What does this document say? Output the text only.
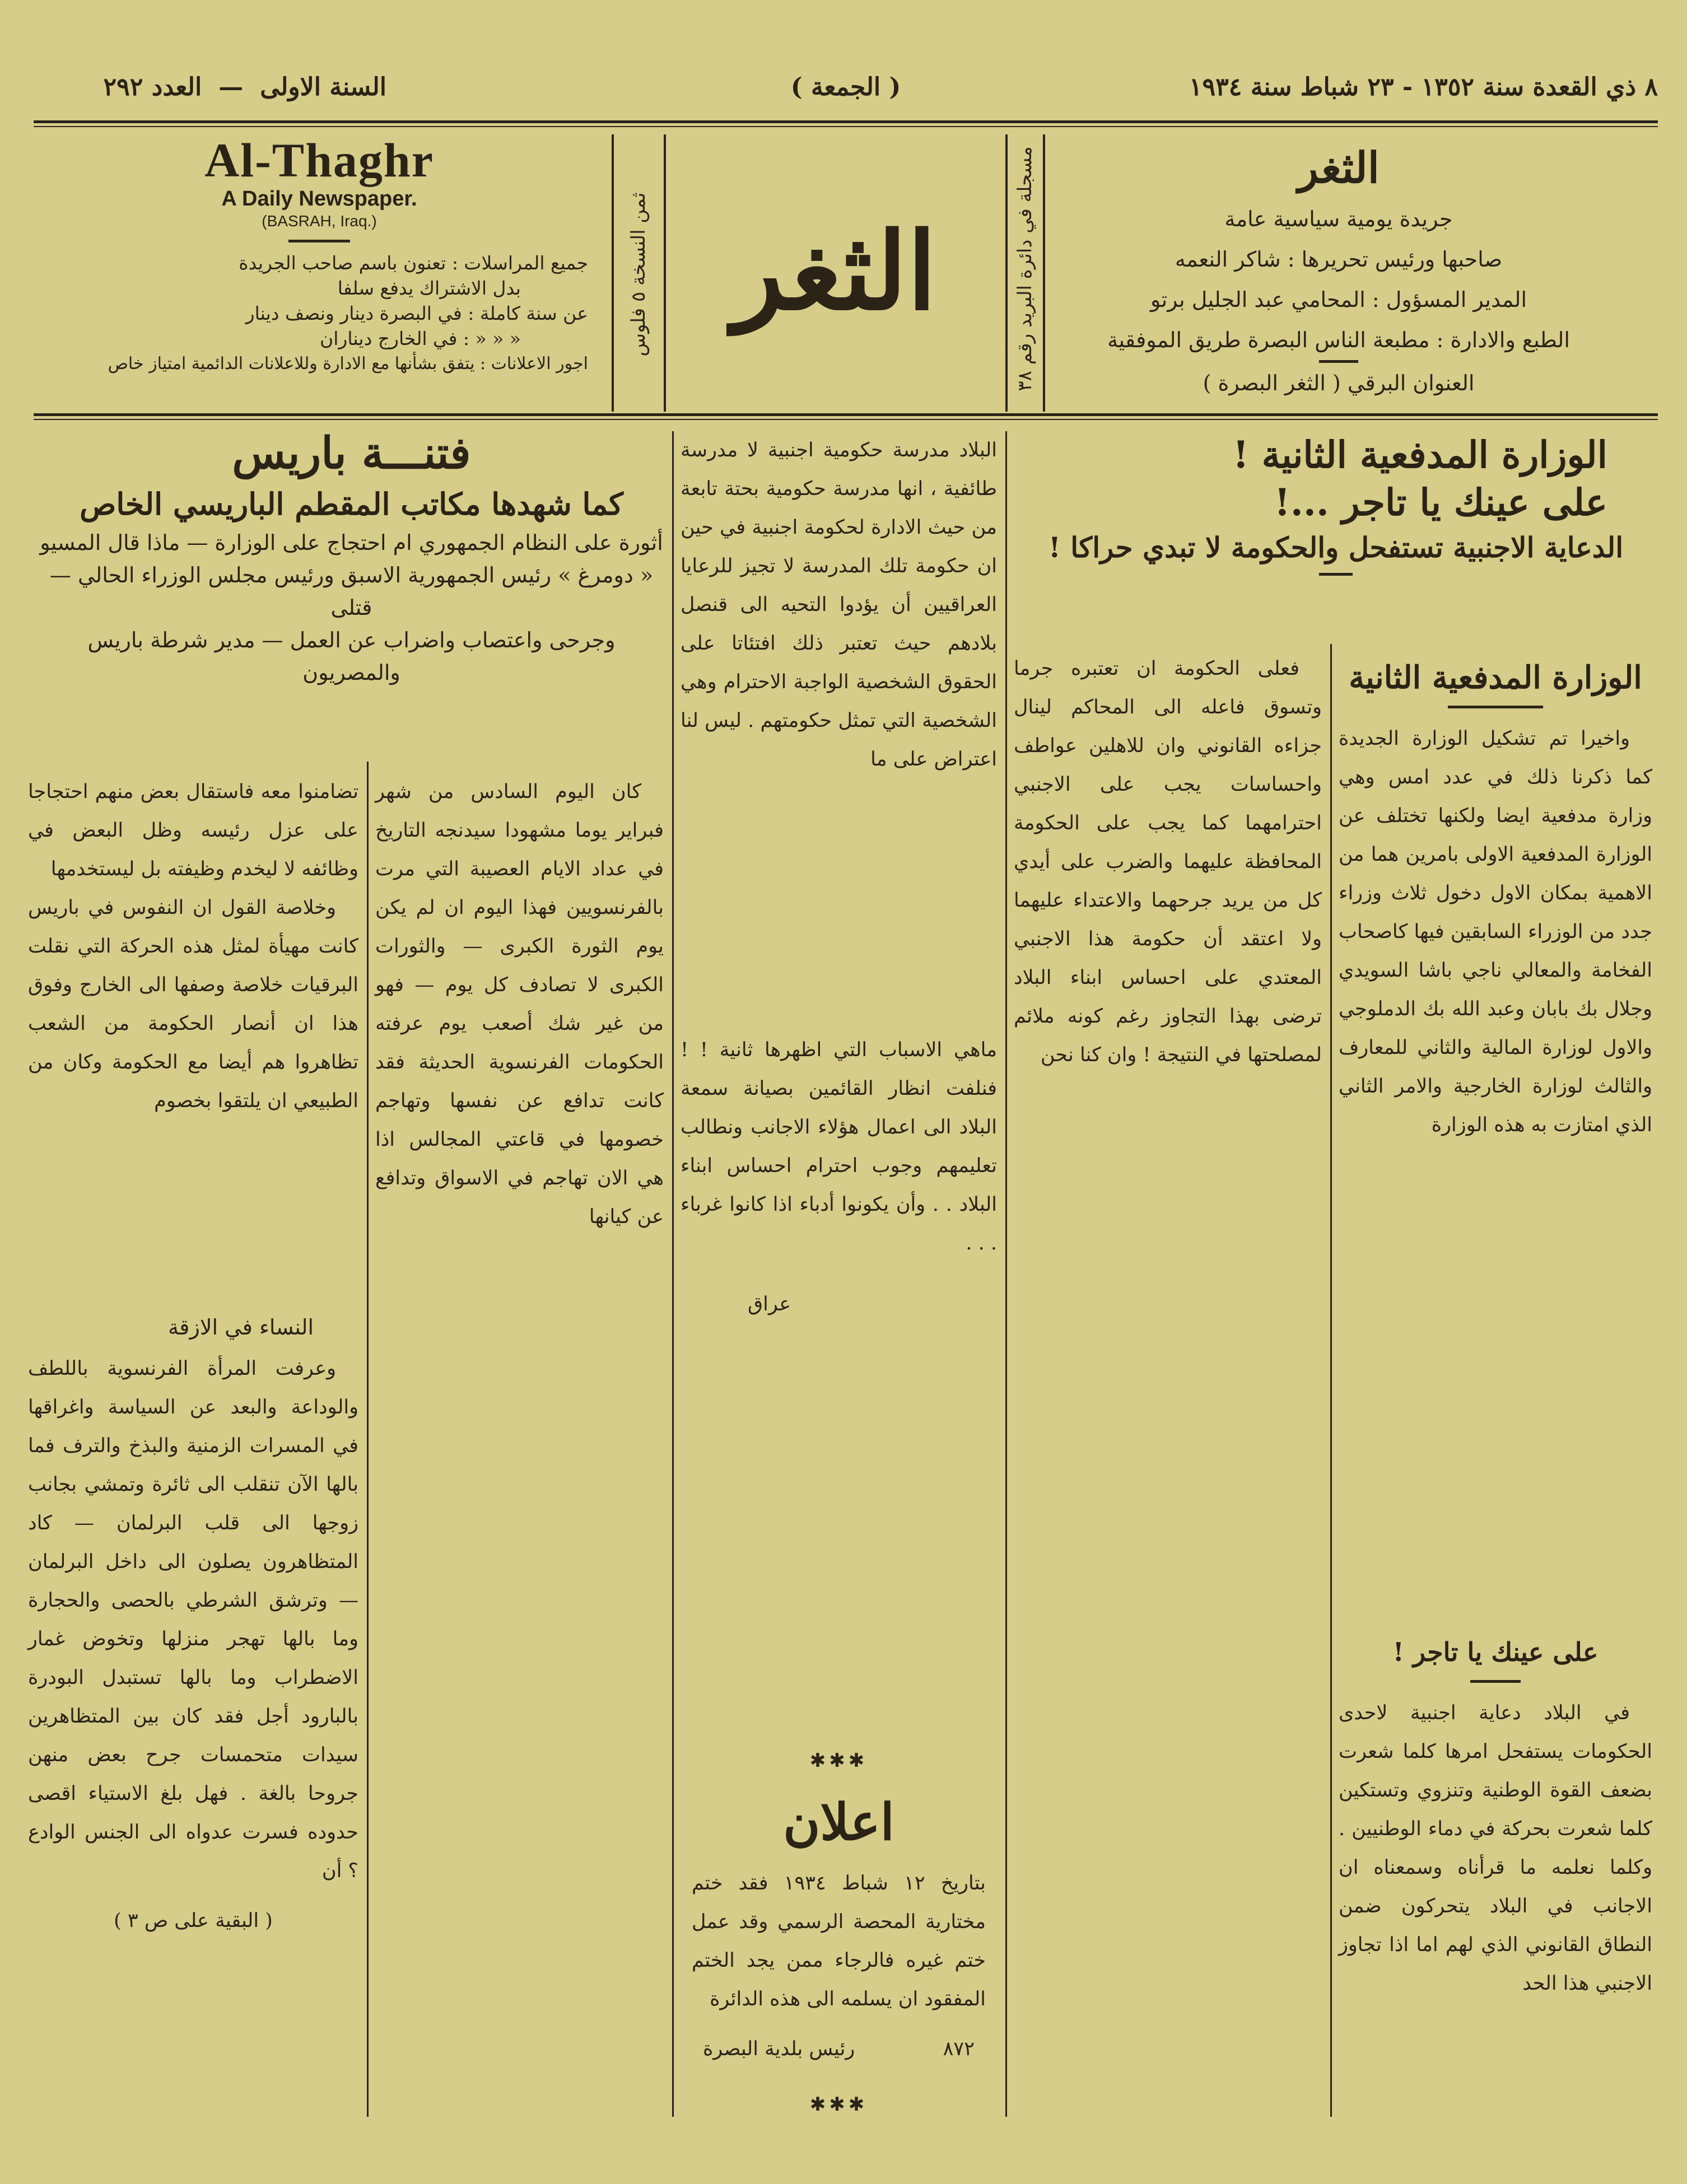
٨ ذي القعدة سنة ١٣٥٢ - ٢٣ شباط سنة ١٩٣٤
( الجمعة )
السنة الاولى
—
العدد ٢٩٢
الثغر
جريدة يومية سياسية عامة
صاحبها ورئيس تحريرها : شاكر النعمه
المدير المسؤول : المحامي عبد الجليل برتو
الطبع والادارة : مطبعة الناس البصرة طريق الموفقية
العنوان البرقي ( الثغر البصرة )
مسجلة في دائرة البريد رقم ٣٨
الثغر
ثمن النسخة ٥ فلوس
Al-Thaghr
A Daily Newspaper.
(BASRAH, Iraq.)
جميع المراسلات : تعنون باسم صاحب الجريدة
بدل الاشتراك يدفع سلفا
عن سنة كاملة : في البصرة دينار ونصف دينار
« « « : في الخارج ديناران
اجور الاعلانات : يتفق بشأنها مع الادارة وللاعلانات الدائمية امتياز خاص
الوزارة المدفعية الثانية !
على عينك يا تاجر ...!
الدعاية الاجنبية تستفحل والحكومة لا تبدي حراكا !
الوزارة المدفعية الثانية

واخيرا تم تشكيل الوزارة الجديدة كما ذكرنا ذلك في عدد امس وهي وزارة مدفعية ايضا ولكنها تختلف عن الوزارة المدفعية الاولى بامرين هما من الاهمية بمكان الاول دخول ثلاث وزراء جدد من الوزراء السابقين فيها كاصحاب الفخامة والمعالي ناجي باشا السويدي وجلال بك بابان وعبد الله بك الدملوجي والاول لوزارة المالية والثاني للمعارف والثالث لوزارة الخارجية والامر الثاني الذي امتازت به هذه الوزارة

على عينك يا تاجر !

في البلاد دعاية اجنبية لاحدى الحكومات يستفحل امرها كلما شعرت بضعف القوة الوطنية وتنزوي وتستكين كلما شعرت بحركة في دماء الوطنيين . وكلما نعلمه ما قرأناه وسمعناه ان الاجانب في البلاد يتحركون ضمن النطاق القانوني الذي لهم اما اذا تجاوز الاجنبي هذا الحد

فعلى الحكومة ان تعتبره جرما وتسوق فاعله الى المحاكم لينال جزاءه القانوني وان للاهلين عواطف واحساسات يجب على الاجنبي احترامهما كما يجب على الحكومة المحافظة عليهما والضرب على أيدي كل من يريد جرحهما والاعتداء عليهما ولا اعتقد أن حكومة هذا الاجنبي المعتدي على احساس ابناء البلاد ترضى بهذا التجاوز رغم كونه ملائم لمصلحتها في النتيجة ! وان كنا نحن

البلاد مدرسة حكومية اجنبية لا مدرسة طائفية ، انها مدرسة حكومية بحتة تابعة من حيث الادارة لحكومة اجنبية في حين ان حكومة تلك المدرسة لا تجيز للرعايا العراقيين أن يؤدوا التحيه الى قنصل بلادهم حيث تعتبر ذلك افتئاتا على الحقوق الشخصية الواجبة الاحترام وهي الشخصية التي تمثل حكومتهم . ليس لنا اعتراض على ما

ماهي الاسباب التي اظهرها ثانية ! ! فنلفت انظار القائمين بصيانة سمعة البلاد الى اعمال هؤلاء الاجانب ونطالب تعليمهم وجوب احترام احساس ابناء البلاد . . وأن يكونوا أدباء اذا كانوا غرباء . . .

عراق
✱✱✱
اعلان

بتاريخ ١٢ شباط ١٩٣٤ فقد ختم مختارية المحصة الرسمي وقد عمل ختم غيره فالرجاء ممن يجد الختم المفقود ان يسلمه الى هذه الدائرة

٨٧٢
رئيس بلدية البصرة
✱✱✱
فتنـــة باريس
كما شهدها مكاتب المقطم الباريسي الخاص
أثورة على النظام الجمهوري ام احتجاج على الوزارة — ماذا قال المسيو
« دومرغ » رئيس الجمهورية الاسبق ورئيس مجلس الوزراء الحالي — قتلى
وجرحى واعتصاب واضراب عن العمل — مدير شرطة باريس والمصريون

كان اليوم السادس من شهر فبراير يوما مشهودا سيدنجه التاريخ في عداد الايام العصيبة التي مرت بالفرنسويين فهذا اليوم ان لم يكن يوم الثورة الكبرى — والثورات الكبرى لا تصادف كل يوم — فهو من غير شك أصعب يوم عرفته الحكومات الفرنسوية الحديثة فقد كانت تدافع عن نفسها وتهاجم خصومها في قاعتي المجالس اذا هي الان تهاجم في الاسواق وتدافع عن كيانها

تضامنوا معه فاستقال بعض منهم احتجاجا على عزل رئيسه وظل البعض في وظائفه لا ليخدم وظيفته بل ليستخدمها

وخلاصة القول ان النفوس في باريس كانت مهيأة لمثل هذه الحركة التي نقلت البرقيات خلاصة وصفها الى الخارج وفوق هذا ان أنصار الحكومة من الشعب تظاهروا هم أيضا مع الحكومة وكان من الطبيعي ان يلتقوا بخصوم

النساء في الازقة

وعرفت المرأة الفرنسوية باللطف والوداعة والبعد عن السياسة واغراقها في المسرات الزمنية والبذخ والترف فما بالها الآن تنقلب الى ثائرة وتمشي بجانب زوجها الى قلب البرلمان — كاد المتظاهرون يصلون الى داخل البرلمان — وترشق الشرطي بالحصى والحجارة وما بالها تهجر منزلها وتخوض غمار الاضطراب وما بالها تستبدل البودرة بالبارود أجل فقد كان بين المتظاهرين سيدات متحمسات جرح بعض منهن جروحا بالغة . فهل بلغ الاستياء اقصى حدوده فسرت عدواه الى الجنس الوادع ؟ أن

( البقية على ص ٣ )
